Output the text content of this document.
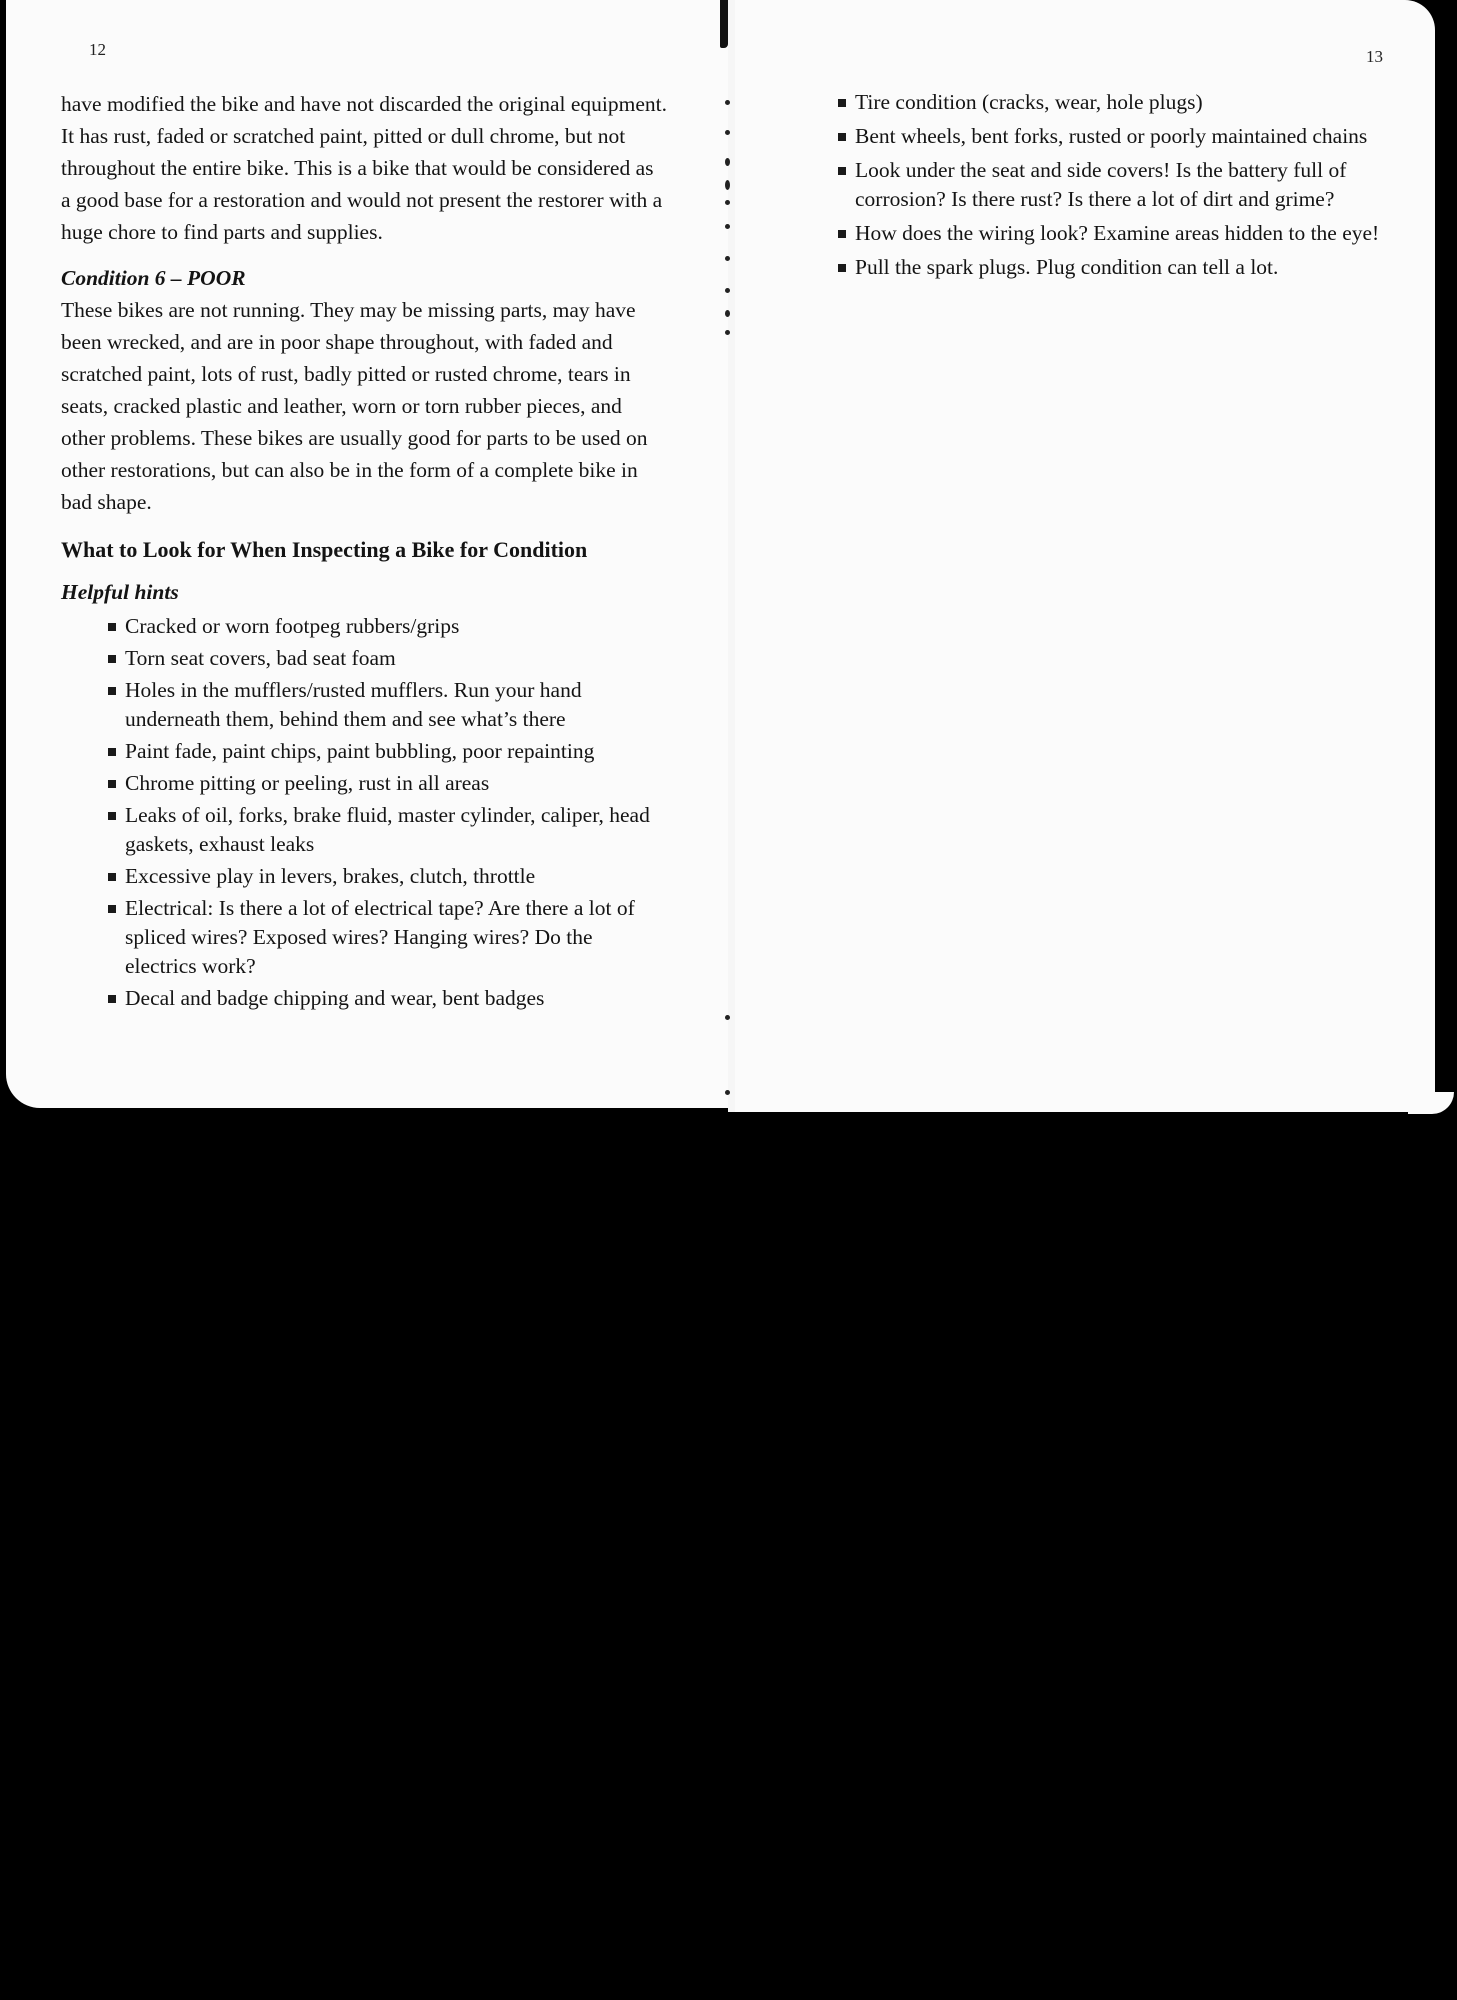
12	13

have modified the bike and have not discarded the original equipment. It has rust, faded or scratched paint, pitted or dull chrome, but not throughout the entire bike. This is a bike that would be considered as a good base for a restoration and would not present the restorer with a huge chore to find parts and supplies.

Condition 6 – POOR

These bikes are not running. They may be missing parts, may have been wrecked, and are in poor shape throughout, with faded and scratched paint, lots of rust, badly pitted or rusted chrome, tears in seats, cracked plastic and leather, worn or torn rubber pieces, and other problems. These bikes are usually good for parts to be used on other restorations, but can also be in the form of a complete bike in bad shape.

What to Look for When Inspecting a Bike for Condition

Helpful hints

Cracked or worn footpeg rubbers/grips
Torn seat covers, bad seat foam
Holes in the mufflers/rusted mufflers. Run your hand underneath them, behind them and see what’s there
Paint fade, paint chips, paint bubbling, poor repainting
Chrome pitting or peeling, rust in all areas
Leaks of oil, forks, brake fluid, master cylinder, caliper, head gaskets, exhaust leaks
Excessive play in levers, brakes, clutch, throttle
Electrical: Is there a lot of electrical tape? Are there a lot of spliced wires? Exposed wires? Hanging wires? Do the electrics work?
Decal and badge chipping and wear, bent badges
Tire condition (cracks, wear, hole plugs)
Bent wheels, bent forks, rusted or poorly maintained chains
Look under the seat and side covers! Is the battery full of corrosion? Is there rust? Is there a lot of dirt and grime?
How does the wiring look? Examine areas hidden to the eye!
Pull the spark plugs. Plug condition can tell a lot.
